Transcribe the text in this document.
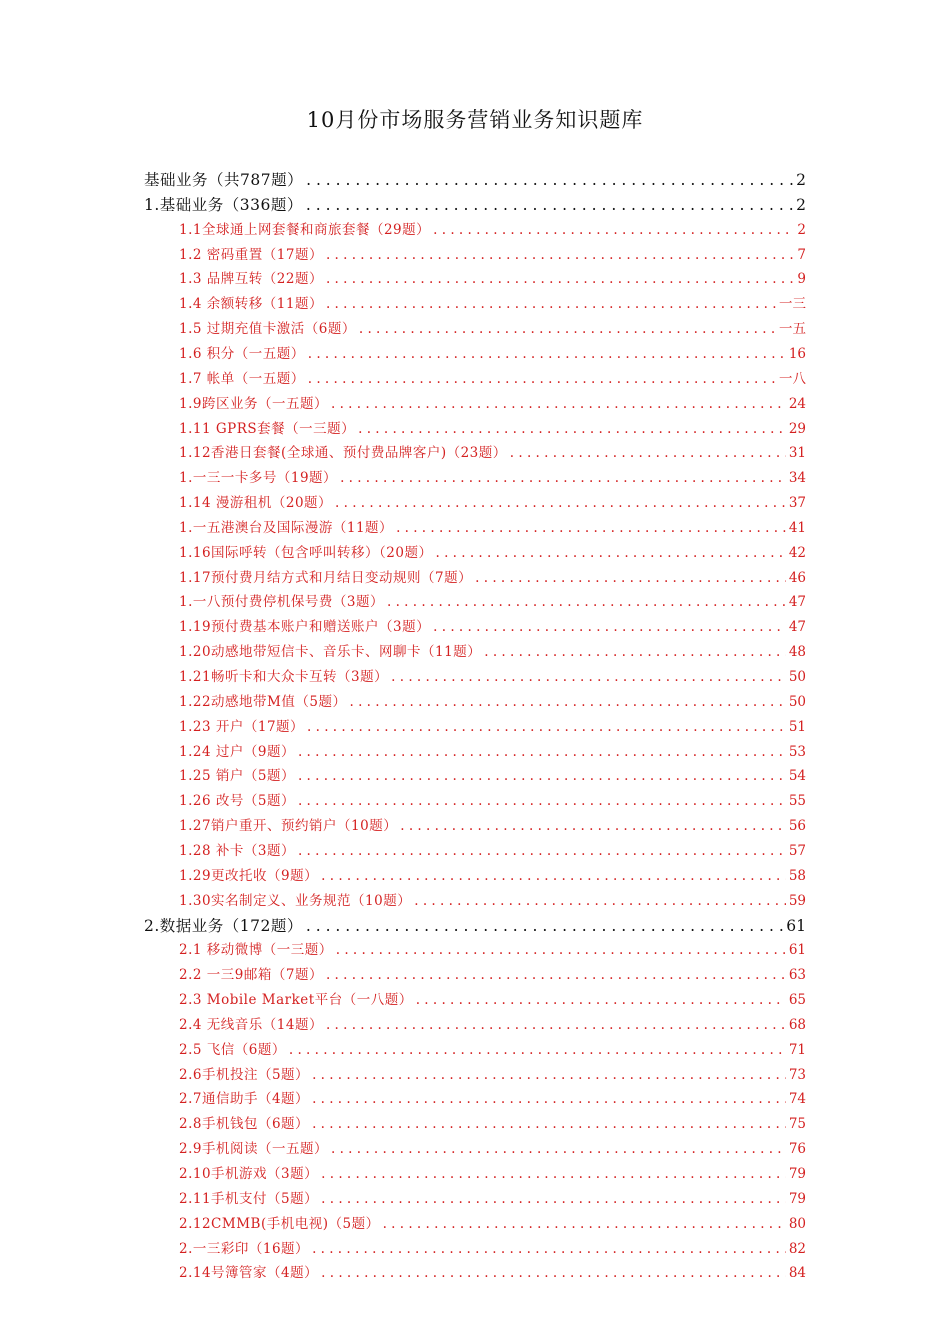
10月份市场服务营销业务知识题库
基础业务（共787题） . . .	2
1.基础业务（336题） . . .	2
1.1全球通上网套餐和商旅套餐（29题） . . .	2
1.2 密码重置（17题） . . .	7
1.3 品牌互转（22题） . . .	9
1.4 余额转移（11题） . . .	一三
1.5 过期充值卡激活（6题） . . .	一五
1.6 积分（一五题） . . .	16
1.7 帐单（一五题） . . .	一八
1.9跨区业务（一五题） . . .	24
1.11 GPRS套餐（一三题） . . .	29
1.12香港日套餐(全球通、预付费品牌客户)（23题） . . .	31
1.一三一卡多号（19题） . . .	34
1.14 漫游租机（20题） . . .	37
1.一五港澳台及国际漫游（11题） . . .	41
1.16国际呼转（包含呼叫转移）（20题） . . .	42
1.17预付费月结方式和月结日变动规则（7题） . . .	46
1.一八预付费停机保号费（3题） . . .	47
1.19预付费基本账户和赠送账户（3题） . . .	47
1.20动感地带短信卡、音乐卡、网聊卡（11题） . . .	48
1.21畅听卡和大众卡互转（3题） . . .	50
1.22动感地带M值（5题） . . .	50
1.23 开户（17题） . . .	51
1.24 过户（9题） . . .	53
1.25 销户（5题） . . .	54
1.26 改号（5题） . . .	55
1.27销户重开、预约销户（10题） . . .	56
1.28 补卡（3题） . . .	57
1.29更改托收（9题） . . .	58
1.30实名制定义、业务规范（10题） . . .	59
2.数据业务（172题） . . .	61
2.1 移动微博（一三题） . . .	61
2.2 一三9邮箱（7题） . . .	63
2.3 Mobile Market平台（一八题） . . .	65
2.4 无线音乐（14题） . . .	68
2.5 飞信（6题） . . .	71
2.6手机投注（5题） . . .	73
2.7通信助手（4题） . . .	74
2.8手机钱包（6题） . . .	75
2.9手机阅读（一五题） . . .	76
2.10手机游戏（3题） . . .	79
2.11手机支付（5题） . . .	79
2.12CMMB(手机电视)（5题） . . .	80
2.一三彩印（16题） . . .	82
2.14号簿管家（4题） . . .	84
